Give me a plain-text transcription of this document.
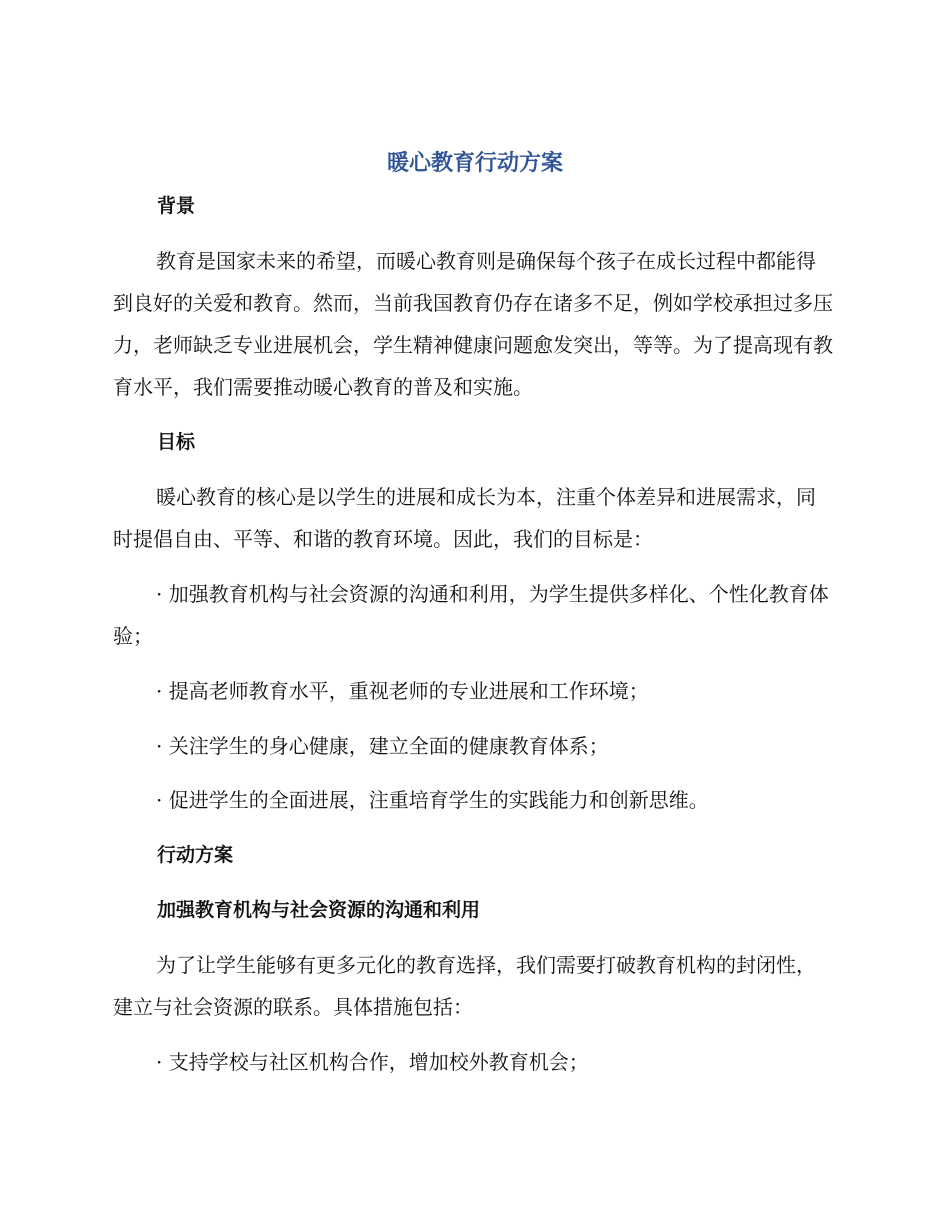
暖心教育行动方案
背景
教育是国家未来的希望，而暖心教育则是确保每个孩子在成长过程中都能得到良好的关爱和教育。然而，当前我国教育仍存在诸多不足，例如学校承担过多压力，老师缺乏专业进展机会，学生精神健康问题愈发突出，等等。为了提高现有教育水平，我们需要推动暖心教育的普及和实施。
目标
暖心教育的核心是以学生的进展和成长为本，注重个体差异和进展需求，同时提倡自由、平等、和谐的教育环境。因此，我们的目标是：
· 加强教育机构与社会资源的沟通和利用，为学生提供多样化、个性化教育体验；
· 提高老师教育水平，重视老师的专业进展和工作环境；
· 关注学生的身心健康，建立全面的健康教育体系；
· 促进学生的全面进展，注重培育学生的实践能力和创新思维。
行动方案
加强教育机构与社会资源的沟通和利用
为了让学生能够有更多元化的教育选择，我们需要打破教育机构的封闭性，建立与社会资源的联系。具体措施包括：
· 支持学校与社区机构合作，增加校外教育机会；
